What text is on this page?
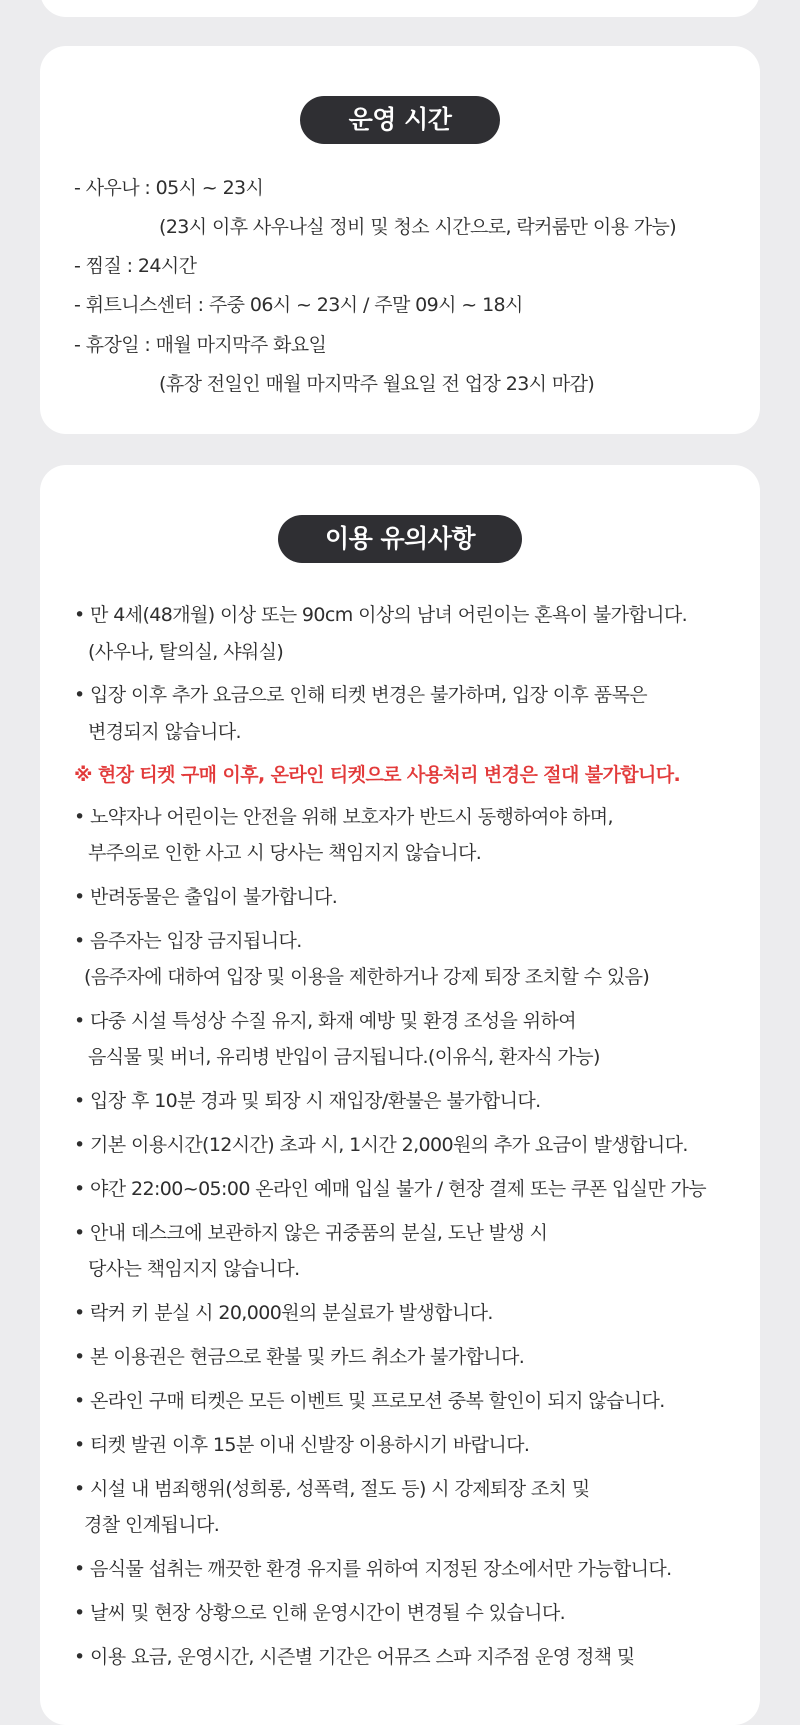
운영 시간
- 사우나 : 05시 ~ 23시
(23시 이후 사우나실 정비 및 청소 시간으로, 락커룸만 이용 가능)
- 찜질 : 24시간
- 휘트니스센터 : 주중 06시 ~ 23시 / 주말 09시 ~ 18시
- 휴장일 : 매월 마지막주 화요일
(휴장 전일인 매월 마지막주 월요일 전 업장 23시 마감)
이용 유의사항
• 만 4세(48개월) 이상 또는 90cm 이상의 남녀 어린이는 혼욕이 불가합니다.
(사우나, 탈의실, 샤워실)
• 입장 이후 추가 요금으로 인해 티켓 변경은 불가하며, 입장 이후 품목은
변경되지 않습니다.
※ 현장 티켓 구매 이후, 온라인 티켓으로 사용처리 변경은 절대 불가합니다.
• 노약자나 어린이는 안전을 위해 보호자가 반드시 동행하여야 하며,
부주의로 인한 사고 시 당사는 책임지지 않습니다.
• 반려동물은 출입이 불가합니다.
• 음주자는 입장 금지됩니다.
(음주자에 대하여 입장 및 이용을 제한하거나 강제 퇴장 조치할 수 있음)
• 다중 시설 특성상 수질 유지, 화재 예방 및 환경 조성을 위하여
음식물 및 버너, 유리병 반입이 금지됩니다.(이유식, 환자식 가능)
• 입장 후 10분 경과 및 퇴장 시 재입장/환불은 불가합니다.
• 기본 이용시간(12시간) 초과 시, 1시간 2,000원의 추가 요금이 발생합니다.
• 야간 22:00~05:00 온라인 예매 입실 불가 / 현장 결제 또는 쿠폰 입실만 가능
• 안내 데스크에 보관하지 않은 귀중품의 분실, 도난 발생 시
당사는 책임지지 않습니다.
• 락커 키 분실 시 20,000원의 분실료가 발생합니다.
• 본 이용권은 현금으로 환불 및 카드 취소가 불가합니다.
• 온라인 구매 티켓은 모든 이벤트 및 프로모션 중복 할인이 되지 않습니다.
• 티켓 발권 이후 15분 이내 신발장 이용하시기 바랍니다.
• 시설 내 범죄행위(성희롱, 성폭력, 절도 등) 시 강제퇴장 조치 및
경찰 인계됩니다.
• 음식물 섭취는 깨끗한 환경 유지를 위하여 지정된 장소에서만 가능합니다.
• 날씨 및 현장 상황으로 인해 운영시간이 변경될 수 있습니다.
• 이용 요금, 운영시간, 시즌별 기간은 어뮤즈 스파 지주점 운영 정책 및
